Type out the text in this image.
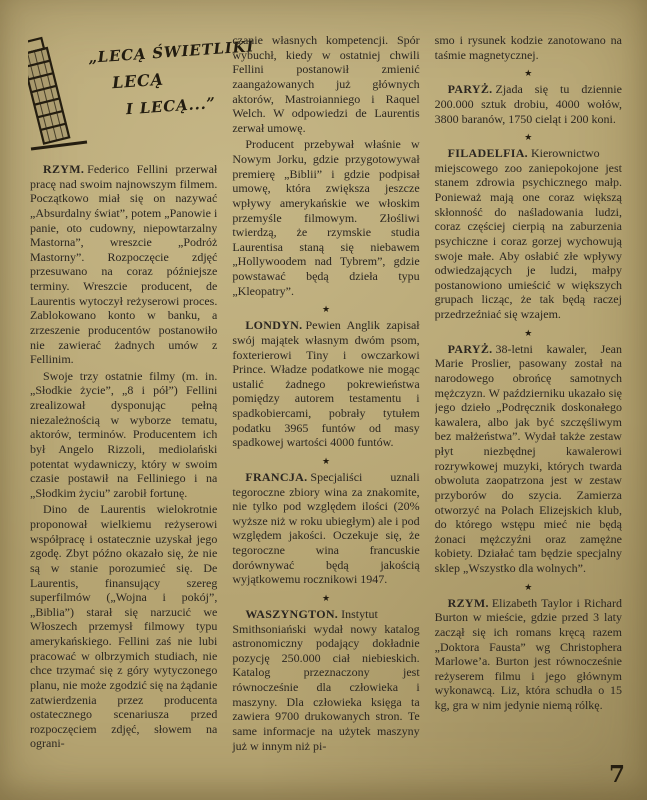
„LECĄ ŚWIETLIKI
LECĄ
I LECĄ...”

RZYM. Federico Fellini przerwał pracę nad swoim najnowszym filmem. Początkowo miał się on nazywać „Absurdalny świat”, potem „Panowie i panie, oto cudowny, niepowtarzalny Mastorna”, wreszcie „Podróż Mastorny”. Rozpoczęcie zdjęć przesuwano na coraz późniejsze terminy. Wreszcie producent, de Laurentis wytoczył reżyserowi proces. Zablokowano konto w banku, a zrzeszenie producentów postanowiło nie zawierać żadnych umów z Fellinim.

Swoje trzy ostatnie filmy (m. in. „Słodkie życie”, „8 i pół”) Fellini zrealizował dysponując pełną niezależnością w wyborze tematu, aktorów, terminów. Producentem ich był Angelo Rizzoli, mediolański potentat wydawniczy, który w swoim czasie postawił na Felliniego i na „Słodkim życiu” zarobił fortunę.

Dino de Laurentis wielokrotnie proponował wielkiemu reżyserowi współpracę i ostatecznie uzyskał jego zgodę. Zbyt późno okazało się, że nie są w stanie porozumieć się. De Laurentis, finansujący szereg superfilmów („Wojna i pokój”, „Biblia”) starał się narzucić we Włoszech przemysł filmowy typu amerykańskiego. Fellini zaś nie lubi pracować w olbrzymich studiach, nie chce trzymać się z góry wytyczonego planu, nie może zgodzić się na żądanie zatwierdzenia przez producenta ostatecznego scenariusza przed rozpoczęciem zdjęć, słowem na ograni-

czanie własnych kompetencji. Spór wybuchł, kiedy w ostatniej chwili Fellini postanowił zmienić zaangażowanych już głównych aktorów, Mastroianniego i Raquel Welch. W odpowiedzi de Laurentis zerwał umowę.

Producent przebywał właśnie w Nowym Jorku, gdzie przygotowywał premierę „Biblii” i gdzie podpisał umowę, która zwiększa jeszcze wpływy amerykańskie we włoskim przemyśle filmowym. Złośliwi twierdzą, że rzymskie studia Laurentisa staną się niebawem „Hollywoodem nad Tybrem”, gdzie powstawać będą dzieła typu „Kleopatry”.

★

LONDYN. Pewien Anglik zapisał swój majątek własnym dwóm psom, foxterierowi Tiny i owczarkowi Prince. Władze podatkowe nie mogąc ustalić żadnego pokrewieństwa pomiędzy autorem testamentu i spadkobiercami, pobrały tytułem podatku 3965 funtów od masy spadkowej wartości 4000 funtów.

★

FRANCJA. Specjaliści uznali tegoroczne zbiory wina za znakomite, nie tylko pod względem ilości (20% wyższe niż w roku ubiegłym) ale i pod względem jakości. Oczekuje się, że tegoroczne wina francuskie dorównywać będą jakością wyjątkowemu rocznikowi 1947.

★

WASZYNGTON. Instytut Smithsoniański wydał nowy katalog astronomiczny podający dokładnie pozycję 250.000 ciał niebieskich. Katalog przeznaczony jest równocześnie dla człowieka i maszyny. Dla człowieka księga ta zawiera 9700 drukowanych stron. Te same informacje na użytek maszyny już w innym niż pi-

smo i rysunek kodzie zanotowano na taśmie magnetycznej.

★

PARYŻ. Zjada się tu dziennie 200.000 sztuk drobiu, 4000 wołów, 3800 baranów, 1750 cieląt i 200 koni.

★

FILADELFIA. Kierownictwo miejscowego zoo zaniepokojone jest stanem zdrowia psychicznego małp. Ponieważ mają one coraz większą skłonność do naśladowania ludzi, coraz częściej cierpią na zaburzenia psychiczne i coraz gorzej wychowują swoje małe. Aby osłabić złe wpływy odwiedzających je ludzi, małpy postanowiono umieścić w większych grupach licząc, że tak będą raczej przedrzeźniać się wzajem.

★

PARYŻ. 38-letni kawaler, Jean Marie Proslier, pasowany został na narodowego obrońcę samotnych mężczyzn. W październiku ukazało się jego dzieło „Podręcznik doskonałego kawalera, albo jak być szczęśliwym bez małżeństwa”. Wydał także zestaw płyt niezbędnej kawalerowi rozrywkowej muzyki, których twarda obwoluta zaopatrzona jest w zestaw przyborów do szycia. Zamierza otworzyć na Polach Elizejskich klub, do którego wstępu mieć nie będą żonaci mężczyźni oraz zamężne kobiety. Działać tam będzie specjalny sklep „Wszystko dla wolnych”.

★

RZYM. Elizabeth Taylor i Richard Burton w mieście, gdzie przed 3 laty zaczął się ich romans kręcą razem „Doktora Fausta” wg Christophera Marlowe’a. Burton jest równocześnie reżyserem filmu i jego głównym wykonawcą. Liz, która schudła o 15 kg, gra w nim jedynie niemą rólkę.

7
